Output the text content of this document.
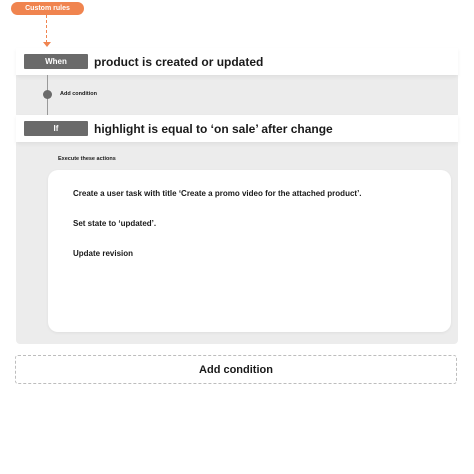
Custom rules
When	product is created or updated
Add condition
If	highlight is equal to ‘on sale’ after change
Execute these actions
Create a user task with title ‘Create a promo video for the attached product’.
Set state to ‘updated’.
Update revision
Add condition
